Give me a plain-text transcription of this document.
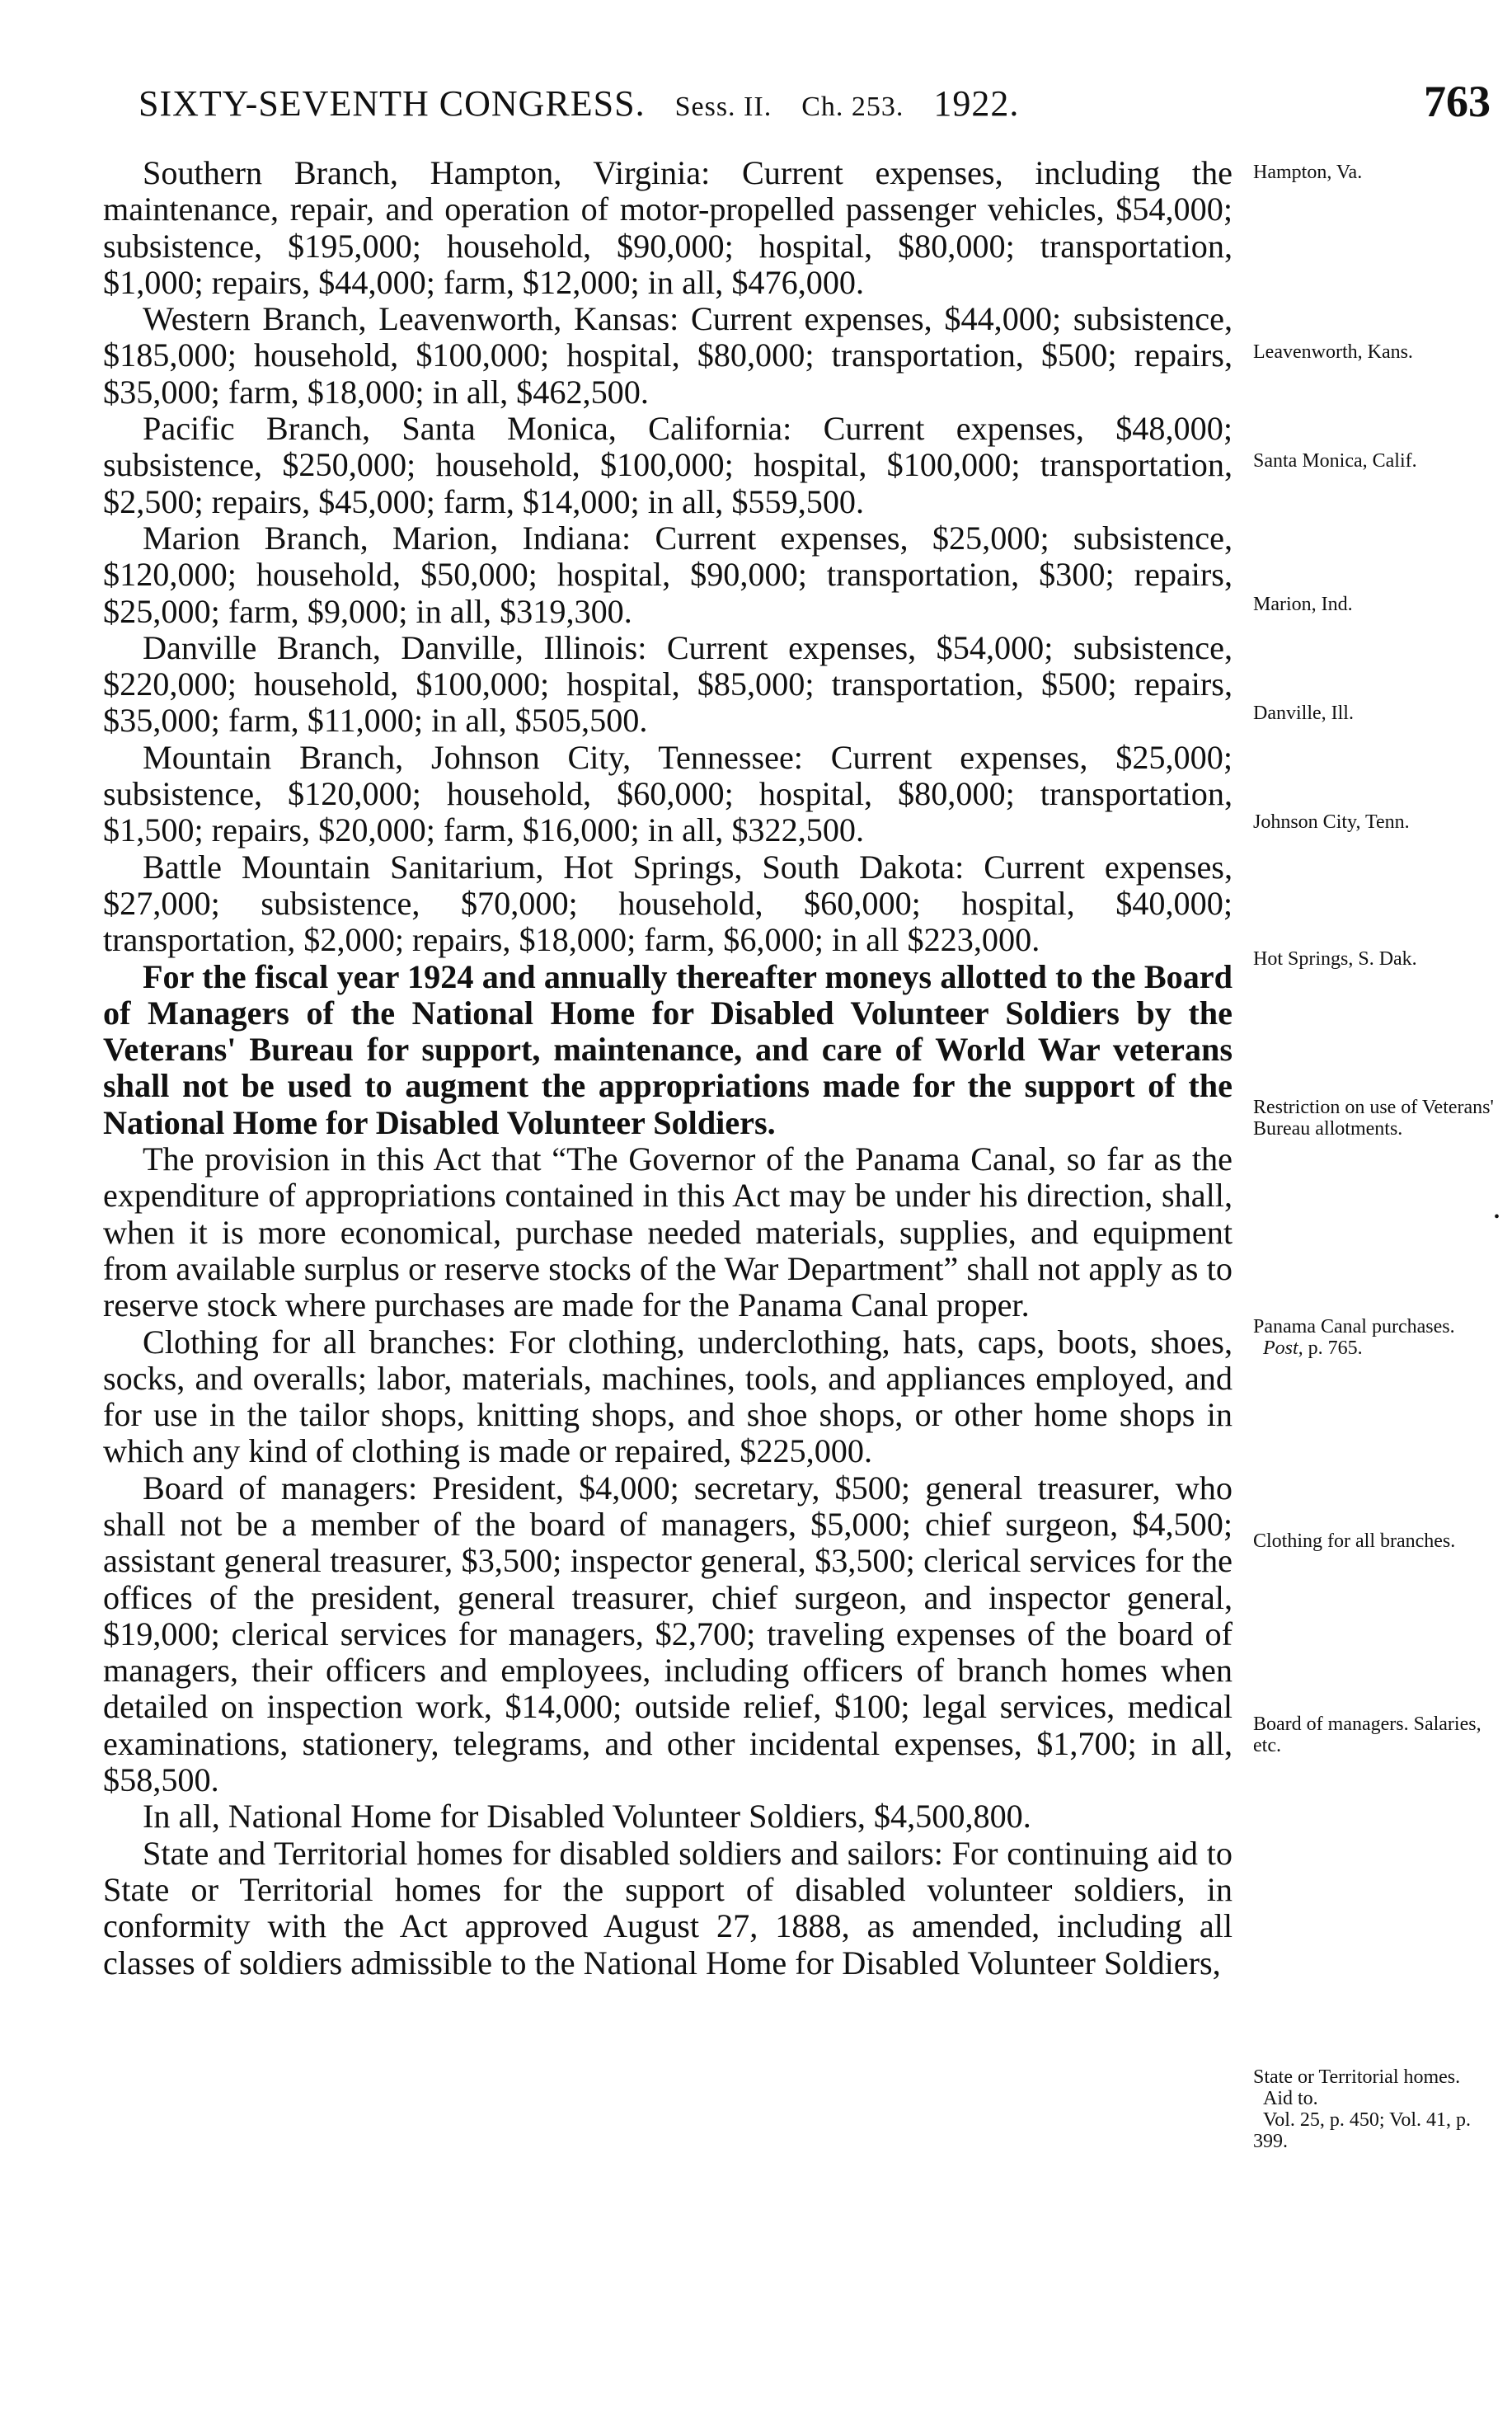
SIXTY-SEVENTH CONGRESS. Sess. II. Ch. 253. 1922.	763

Southern Branch, Hampton, Virginia: Current expenses, including the maintenance, repair, and operation of motor-propelled passenger vehicles, $54,000; subsistence, $195,000; household, $90,000; hospital, $80,000; transportation, $1,000; repairs, $44,000; farm, $12,000; in all, $476,000.

Western Branch, Leavenworth, Kansas: Current expenses, $44,000; subsistence, $185,000; household, $100,000; hospital, $80,000; transportation, $500; repairs, $35,000; farm, $18,000; in all, $462,500.

Pacific Branch, Santa Monica, California: Current expenses, $48,000; subsistence, $250,000; household, $100,000; hospital, $100,000; transportation, $2,500; repairs, $45,000; farm, $14,000; in all, $559,500.

Marion Branch, Marion, Indiana: Current expenses, $25,000; subsistence, $120,000; household, $50,000; hospital, $90,000; transportation, $300; repairs, $25,000; farm, $9,000; in all, $319,300.

Danville Branch, Danville, Illinois: Current expenses, $54,000; subsistence, $220,000; household, $100,000; hospital, $85,000; transportation, $500; repairs, $35,000; farm, $11,000; in all, $505,500.

Mountain Branch, Johnson City, Tennessee: Current expenses, $25,000; subsistence, $120,000; household, $60,000; hospital, $80,000; transportation, $1,500; repairs, $20,000; farm, $16,000; in all, $322,500.

Battle Mountain Sanitarium, Hot Springs, South Dakota: Current expenses, $27,000; subsistence, $70,000; household, $60,000; hospital, $40,000; transportation, $2,000; repairs, $18,000; farm, $6,000; in all $223,000.

For the fiscal year 1924 and annually thereafter moneys allotted to the Board of Managers of the National Home for Disabled Volunteer Soldiers by the Veterans' Bureau for support, maintenance, and care of World War veterans shall not be used to augment the appropriations made for the support of the National Home for Disabled Volunteer Soldiers.

The provision in this Act that “The Governor of the Panama Canal, so far as the expenditure of appropriations contained in this Act may be under his direction, shall, when it is more economical, purchase needed materials, supplies, and equipment from available surplus or reserve stocks of the War Department” shall not apply as to reserve stock where purchases are made for the Panama Canal proper.

Clothing for all branches: For clothing, underclothing, hats, caps, boots, shoes, socks, and overalls; labor, materials, machines, tools, and appliances employed, and for use in the tailor shops, knitting shops, and shoe shops, or other home shops in which any kind of clothing is made or repaired, $225,000.

Board of managers: President, $4,000; secretary, $500; general treasurer, who shall not be a member of the board of managers, $5,000; chief surgeon, $4,500; assistant general treasurer, $3,500; inspector general, $3,500; clerical services for the offices of the president, general treasurer, chief surgeon, and inspector general, $19,000; clerical services for managers, $2,700; traveling expenses of the board of managers, their officers and employees, including officers of branch homes when detailed on inspection work, $14,000; outside relief, $100; legal services, medical examinations, stationery, telegrams, and other incidental expenses, $1,700; in all, $58,500.

In all, National Home for Disabled Volunteer Soldiers, $4,500,800.

State and Territorial homes for disabled soldiers and sailors: For continuing aid to State or Territorial homes for the support of disabled volunteer soldiers, in conformity with the Act approved August 27, 1888, as amended, including all classes of soldiers admissible to the National Home for Disabled Volunteer Soldiers,

Hampton, Va.
Leavenworth, Kans.
Santa Monica, Calif.
Marion, Ind.
Danville, Ill.
Johnson City, Tenn.
Hot Springs, S. Dak.
Restriction on use of Veterans' Bureau allotments.
Panama Canal purchases.
Post, p. 765.
Clothing for all branches.
Board of managers. Salaries, etc.
State or Territorial homes.
Aid to.
Vol. 25, p. 450; Vol. 41, p. 399.
•
